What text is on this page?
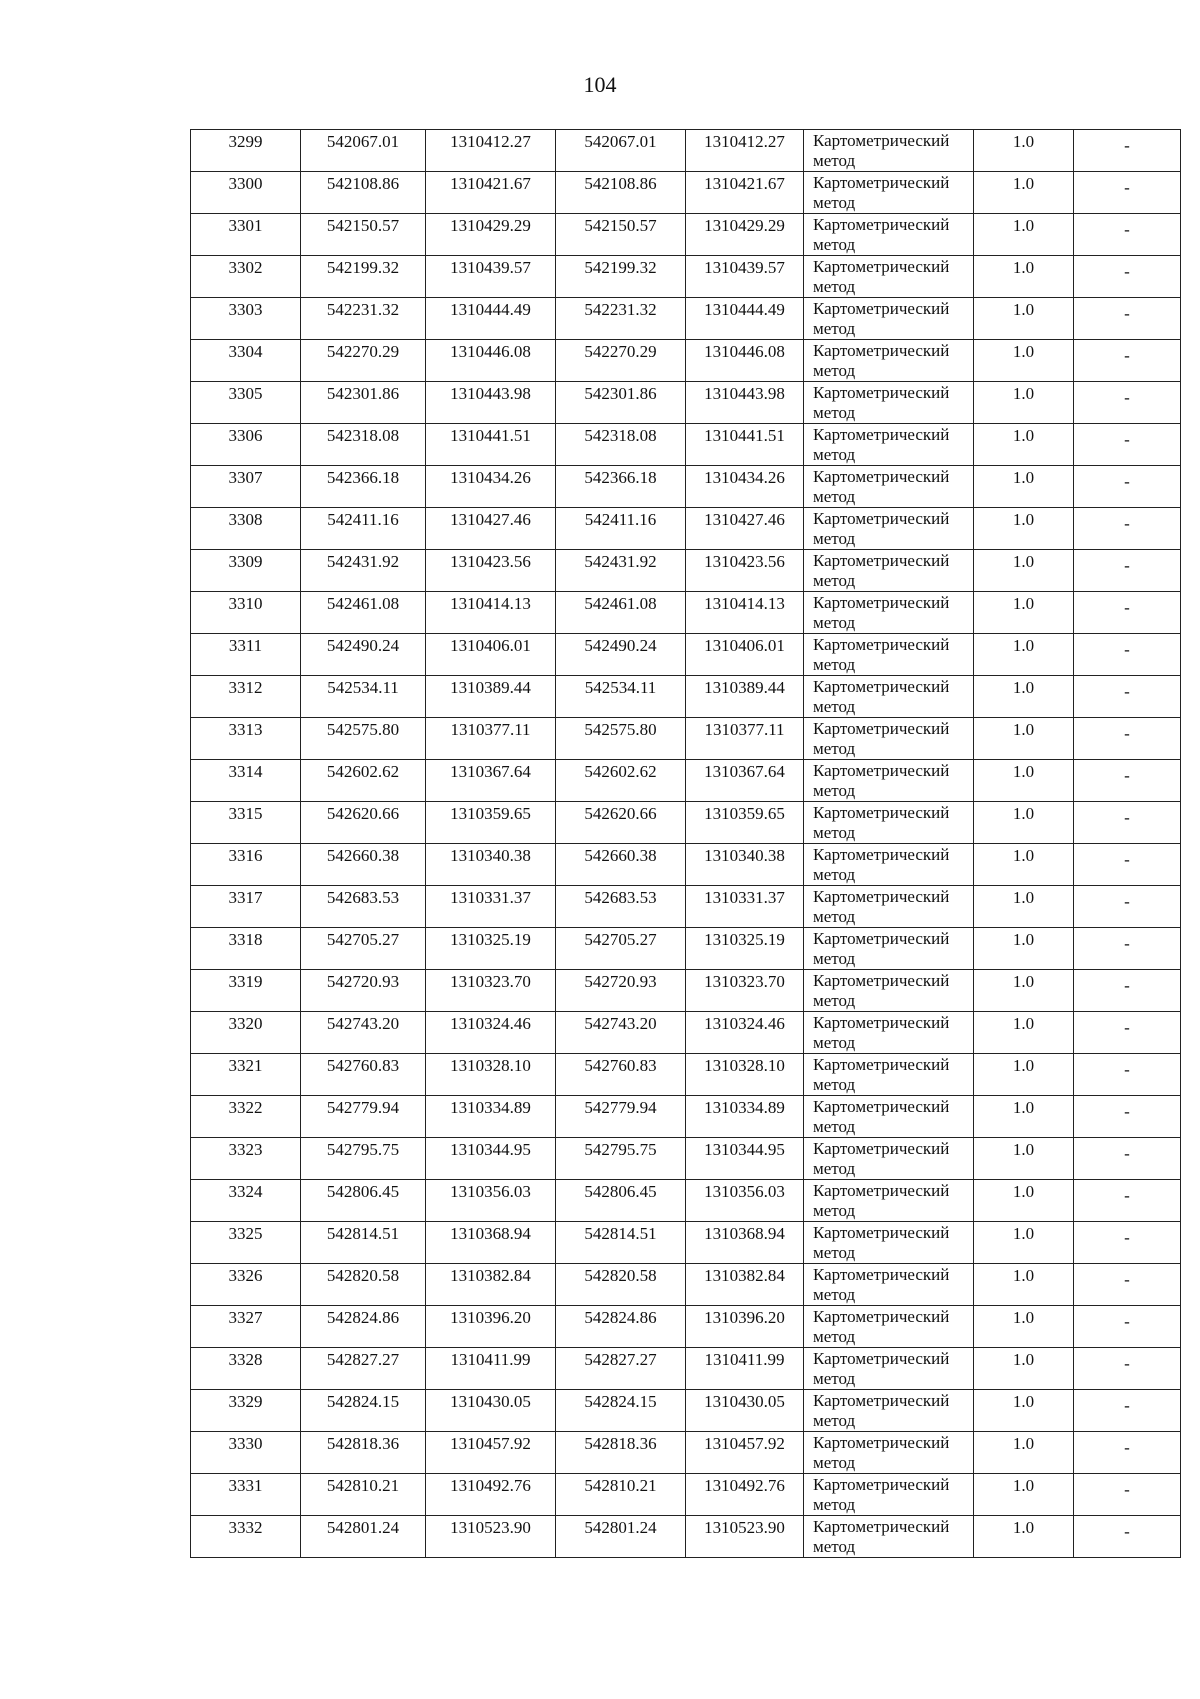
104
3299	542067.01	1310412.27	542067.01	1310412.27	Картометрический метод	1.0	-

3300	542108.86	1310421.67	542108.86	1310421.67	Картометрический метод	1.0	-

3301	542150.57	1310429.29	542150.57	1310429.29	Картометрический метод	1.0	-

3302	542199.32	1310439.57	542199.32	1310439.57	Картометрический метод	1.0	-

3303	542231.32	1310444.49	542231.32	1310444.49	Картометрический метод	1.0	-

3304	542270.29	1310446.08	542270.29	1310446.08	Картометрический метод	1.0	-

3305	542301.86	1310443.98	542301.86	1310443.98	Картометрический метод	1.0	-

3306	542318.08	1310441.51	542318.08	1310441.51	Картометрический метод	1.0	-

3307	542366.18	1310434.26	542366.18	1310434.26	Картометрический метод	1.0	-

3308	542411.16	1310427.46	542411.16	1310427.46	Картометрический метод	1.0	-

3309	542431.92	1310423.56	542431.92	1310423.56	Картометрический метод	1.0	-

3310	542461.08	1310414.13	542461.08	1310414.13	Картометрический метод	1.0	-

3311	542490.24	1310406.01	542490.24	1310406.01	Картометрический метод	1.0	-

3312	542534.11	1310389.44	542534.11	1310389.44	Картометрический метод	1.0	-

3313	542575.80	1310377.11	542575.80	1310377.11	Картометрический метод	1.0	-

3314	542602.62	1310367.64	542602.62	1310367.64	Картометрический метод	1.0	-

3315	542620.66	1310359.65	542620.66	1310359.65	Картометрический метод	1.0	-

3316	542660.38	1310340.38	542660.38	1310340.38	Картометрический метод	1.0	-

3317	542683.53	1310331.37	542683.53	1310331.37	Картометрический метод	1.0	-

3318	542705.27	1310325.19	542705.27	1310325.19	Картометрический метод	1.0	-

3319	542720.93	1310323.70	542720.93	1310323.70	Картометрический метод	1.0	-

3320	542743.20	1310324.46	542743.20	1310324.46	Картометрический метод	1.0	-

3321	542760.83	1310328.10	542760.83	1310328.10	Картометрический метод	1.0	-

3322	542779.94	1310334.89	542779.94	1310334.89	Картометрический метод	1.0	-

3323	542795.75	1310344.95	542795.75	1310344.95	Картометрический метод	1.0	-

3324	542806.45	1310356.03	542806.45	1310356.03	Картометрический метод	1.0	-

3325	542814.51	1310368.94	542814.51	1310368.94	Картометрический метод	1.0	-

3326	542820.58	1310382.84	542820.58	1310382.84	Картометрический метод	1.0	-

3327	542824.86	1310396.20	542824.86	1310396.20	Картометрический метод	1.0	-

3328	542827.27	1310411.99	542827.27	1310411.99	Картометрический метод	1.0	-

3329	542824.15	1310430.05	542824.15	1310430.05	Картометрический метод	1.0	-

3330	542818.36	1310457.92	542818.36	1310457.92	Картометрический метод	1.0	-

3331	542810.21	1310492.76	542810.21	1310492.76	Картометрический метод	1.0	-

3332	542801.24	1310523.90	542801.24	1310523.90	Картометрический метод	1.0	-
